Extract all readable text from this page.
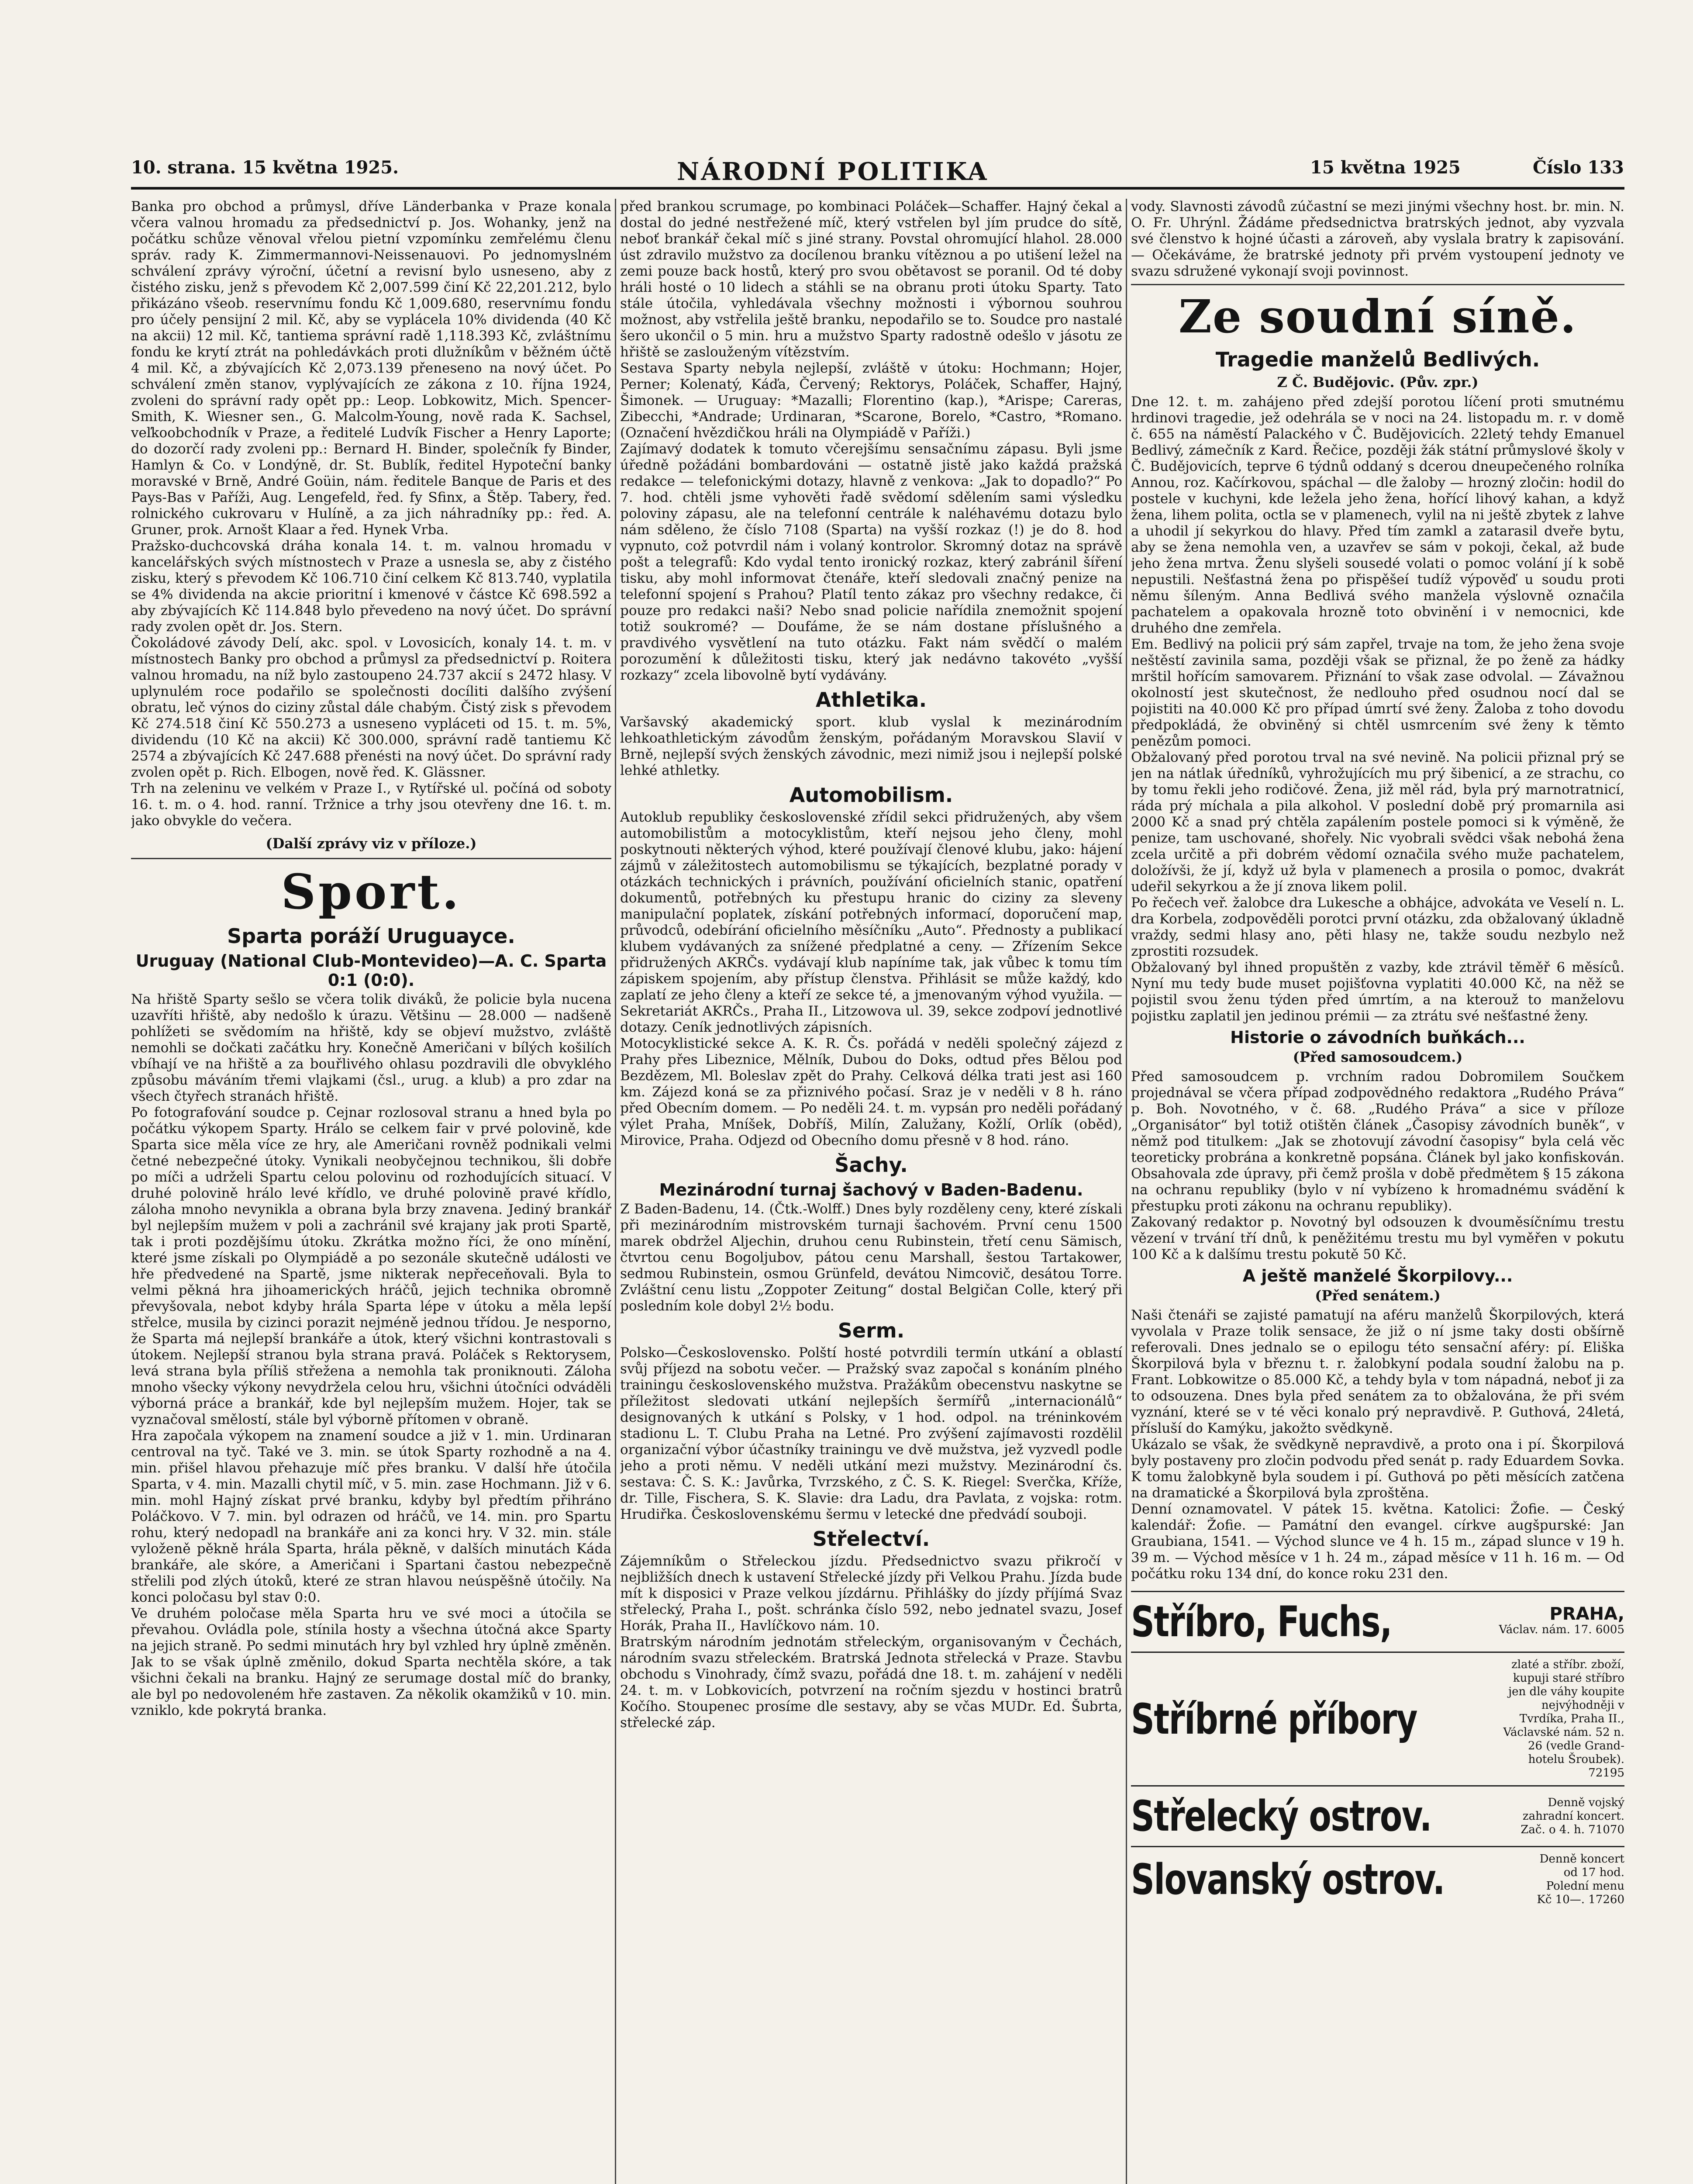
10. strana. 15 května 1925.	NÁRODNÍ POLITIKA	15 května 1925	Číslo 133

Banka pro obchod a průmysl, dříve Länderbanka v Praze konala včera valnou hromadu za předsednictví p. Jos. Wohanky, jenž na počátku schůze věnoval vřelou pietní vzpomínku zemřelému členu správ. rady K. Zimmermannovi-Neissenauovi. Po jednomyslném schválení zprávy výroční, účetní a revisní bylo usneseno, aby z čistého zisku, jenž s převodem Kč 2,007.599 činí Kč 22,201.212, bylo přikázáno všeob. reservnímu fondu Kč 1,009.680, reservnímu fondu pro účely pensijní 2 mil. Kč, aby se vyplácela 10% dividenda (40 Kč na akcii) 12 mil. Kč, tantiema správní radě 1,118.393 Kč, zvláštnímu fondu ke krytí ztrát na pohledávkách proti dlužníkům v běžném účtě 4 mil. Kč, a zbývajících Kč 2,073.139 přeneseno na nový účet. Po schválení změn stanov, vyplývajících ze zákona z 10. října 1924, zvoleni do správní rady opět pp.: Leop. Lobkowitz, Mich. Spencer-Smith, K. Wiesner sen., G. Malcolm-Young, nově rada K. Sachsel, veľkoobchodník v Praze, a ředitelé Ludvík Fischer a Henry Laporte; do dozorčí rady zvoleni pp.: Bernard H. Binder, společník fy Binder, Hamlyn & Co. v Londýně, dr. St. Bublík, ředitel Hypoteční banky moravské v Brně, André Goüin, nám. ředitele Banque de Paris et des Pays-Bas v Paříži, Aug. Lengefeld, řed. fy Sfinx, a Štěp. Tabery, řed. rolnického cukrovaru v Hulíně, a za jich náhradníky pp.: řed. A. Gruner, prok. Arnošt Klaar a řed. Hynek Vrba.

Pražsko-duchcovská dráha konala 14. t. m. valnou hromadu v kancelářských svých místnostech v Praze a usnesla se, aby z čistého zisku, který s převodem Kč 106.710 činí celkem Kč 813.740, vyplatila se 4% dividenda na akcie prioritní i kmenové v částce Kč 698.592 a aby zbývajících Kč 114.848 bylo převedeno na nový účet. Do správní rady zvolen opět dr. Jos. Stern.

Čokoládové závody Delí, akc. spol. v Lovosicích, konaly 14. t. m. v místnostech Banky pro obchod a průmysl za předsednictví p. Roitera valnou hromadu, na níž bylo zastoupeno 24.737 akcií s 2472 hlasy. V uplynulém roce podařilo se společnosti docíliti dalšího zvýšení obratu, leč výnos do ciziny zůstal dále chabým. Čistý zisk s převodem Kč 274.518 činí Kč 550.273 a usneseno vypláceti od 15. t. m. 5%, dividendu (10 Kč na akcii) Kč 300.000, správní radě tantiemu Kč 2574 a zbývajících Kč 247.688 přenésti na nový účet. Do správní rady zvolen opět p. Rich. Elbogen, nově řed. K. Glässner.

Trh na zeleninu ve velkém v Praze I., v Rytířské ul. počíná od soboty 16. t. m. o 4. hod. ranní. Tržnice a trhy jsou otevřeny dne 16. t. m. jako obvykle do večera.

(Další zprávy viz v příloze.)
Sport.
Sparta poráží Uruguayce.
Uruguay (National Club-Montevideo)—A. C. Sparta 0:1 (0:0).

Na hřiště Sparty sešlo se včera tolik diváků, že policie byla nucena uzavříti hřiště, aby nedošlo k úrazu. Většinu — 28.000 — nadšeně pohlížeti se svědomím na hřiště, kdy se objeví mužstvo, zvláště nemohli se dočkati začátku hry. Konečně Američani v bílých košilích vbíhají ve na hřiště a za bouřlivého ohlasu pozdravili dle obvyklého způsobu máváním třemi vlajkami (čsl., urug. a klub) a pro zdar na všech čtyřech stranách hřiště.

Po fotografování soudce p. Cejnar rozlosoval stranu a hned byla po počátku výkopem Sparty. Hrálo se celkem fair v prvé polovině, kde Sparta sice měla více ze hry, ale Američani rovněž podnikali velmi četné nebezpečné útoky. Vynikali neobyčejnou technikou, šli dobře po míči a udrželi Spartu celou polovinu od rozhodujících situací. V druhé polovině hrálo levé křídlo, ve druhé polovině pravé křídlo, záloha mnoho nevynikla a obrana byla brzy znavena. Jediný brankář byl nejlepším mužem v poli a zachránil své krajany jak proti Spartě, tak i proti pozdějšímu útoku. Zkrátka možno říci, že ono mínění, které jsme získali po Olympiádě a po sezonále skutečně události ve hře předvedené na Spartě, jsme nikterak nepřeceňovali. Byla to velmi pěkná hra jihoamerických hráčů, jejich technika obromně převyšovala, nebot kdyby hrála Sparta lépe v útoku a měla lepší střelce, musila by cizinci porazit nejméně jednou třídou. Je nesporno, že Sparta má nejlepší brankáře a útok, který všichni kontrastovali s útokem. Nejlepší stranou byla strana pravá. Poláček s Rektorysem, levá strana byla příliš střežena a nemohla tak proniknouti. Záloha mnoho všecky výkony nevydržela celou hru, všichni útočníci odváděli výborná práce a brankář, kde byl nejlepším mužem. Hojer, tak se vyznačoval smělostí, stále byl výborně přítomen v obraně.

Hra započala výkopem na znamení soudce a již v 1. min. Urdinaran centroval na tyč. Také ve 3. min. se útok Sparty rozhodně a na 4. min. přišel hlavou přehazuje míč přes branku. V další hře útočila Sparta, v 4. min. Mazalli chytil míč, v 5. min. zase Hochmann. Již v 6. min. mohl Hajný získat prvé branku, kdyby byl předtím přihráno Poláčkovo. V 7. min. byl odrazen od hráčů, ve 14. min. pro Spartu rohu, který nedopadl na brankáře ani za konci hry. V 32. min. stále vyloženě pěkně hrála Sparta, hrála pěkně, v dalších minutách Káda brankáře, ale skóre, a Američani i Spartani častou nebezpečně střelili pod zlých útoků, které ze stran hlavou neúspěšně útočily. Na konci poločasu byl stav 0:0.

Ve druhém poločase měla Sparta hru ve své moci a útočila se převahou. Ovládla pole, stínila hosty a všechna útočná akce Sparty na jejich straně. Po sedmi minutách hry byl vzhled hry úplně změněn. Jak to se však úplně změnilo, dokud Sparta nechtěla skóre, a tak všichni čekali na branku. Hajný ze serumage dostal míč do branky, ale byl po nedovoleném hře zastaven. Za několik okamžiků v 10. min. vzniklo, kde pokrytá branka.

před brankou scrumage, po kombinaci Poláček—Schaffer. Hajný čekal a dostal do jedné nestřežené míč, který vstřelen byl jím prudce do sítě, neboť brankář čekal míč s jiné strany. Povstal ohromující hlahol. 28.000 úst zdravilo mužstvo za docílenou branku vítěznou a po utišení ležel na zemi pouze back hostů, který pro svou obětavost se poranil. Od té doby hráli hosté o 10 lidech a stáhli se na obranu proti útoku Sparty. Tato stále útočila, vyhledávala všechny možnosti i výbornou souhrou možnost, aby vstřelila ještě branku, nepodařilo se to. Soudce pro nastalé šero ukončil o 5 min. hru a mužstvo Sparty radostně odešlo v jásotu ze hřiště se zaslouženým vítězstvím.

Sestava Sparty nebyla nejlepší, zvláště v útoku: Hochmann; Hojer, Perner; Kolenatý, Káďa, Červený; Rektorys, Poláček, Schaffer, Hajný, Šimonek. — Uruguay: *Mazalli; Florentino (kap.), *Arispe; Careras, Zibecchi, *Andrade; Urdinaran, *Scarone, Borelo, *Castro, *Romano. (Označení hvězdičkou hráli na Olympiádě v Paříži.)

Zajímavý dodatek k tomuto včerejšímu sensačnímu zápasu. Byli jsme úředně požádáni bombardováni — ostatně jistě jako každá pražská redakce — telefonickými dotazy, hlavně z venkova: „Jak to dopadlo?“ Po 7. hod. chtěli jsme vyhověti řadě svědomí sdělením sami výsledku poloviny zápasu, ale na telefonní centrále k naléhavému dotazu bylo nám sděleno, že číslo 7108 (Sparta) na vyšší rozkaz (!) je do 8. hod vypnuto, což potvrdil nám i volaný kontrolor. Skromný dotaz na správě pošt a telegrafů: Kdo vydal tento ironický rozkaz, který zabránil šíření tisku, aby mohl informovat čtenáře, kteří sledovali značný penize na telefonní spojení s Prahou? Platíl tento zákaz pro všechny redakce, či pouze pro redakci naši? Nebo snad policie nařídila znemožnit spojení totiž soukromé? — Doufáme, že se nám dostane příslušného a pravdivého vysvětlení na tuto otázku. Fakt nám svědčí o malém porozumění k důležitosti tisku, který jak nedávno takovéto „vyšší rozkazy“ zcela libovolně bytí vydávány.

Athletika.

Varšavský akademický sport. klub vyslal k mezinárodním lehkoathletickým závodům ženským, pořádaným Moravskou Slavií v Brně, nejlepší svých ženských závodnic, mezi nimiž jsou i nejlepší polské lehké athletky.

Automobilism.

Autoklub republiky československé zřídil sekci přidružených, aby všem automobilistům a motocyklistům, kteří nejsou jeho členy, mohl poskytnouti některých výhod, které používají členové klubu, jako: hájení zájmů v záležitostech automobilismu se týkajících, bezplatné porady v otázkách technických i právních, používání oficielních stanic, opatření dokumentů, potřebných ku přestupu hranic do ciziny za sleveny manipulační poplatek, získání potřebných informací, doporučení map, průvodců, odebírání oficielního měsíčníku „Auto“. Přednosty a publikací klubem vydávaných za snížené předplatné a ceny. — Zřízením Sekce přidružených AKRČs. vydávají klub napíníme tak, jak vůbec k tomu tím zápiskem spojením, aby přístup členstva. Přihlásit se může každý, kdo zaplatí ze jeho členy a kteří ze sekce té, a jmenovaným výhod využila. — Sekretariát AKRČs., Praha II., Litzowova ul. 39, sekce zodpoví jednotlivé dotazy. Ceník jednotlivých zápisních.

Motocyklistické sekce A. K. R. Čs. pořádá v neděli společný zájezd z Prahy přes Libeznice, Mělník, Dubou do Doks, odtud přes Bělou pod Bezdězem, Ml. Boleslav zpět do Prahy. Celková délka trati jest asi 160 km. Zájezd koná se za přiznivého počasí. Sraz je v neděli v 8 h. ráno před Obecním domem. — Po neděli 24. t. m. vypsán pro neděli pořádaný výlet Praha, Mníšek, Dobříš, Milín, Zalužany, Kožlí, Orlík (oběd), Mirovice, Praha. Odjezd od Obecního domu přesně v 8 hod. ráno.

Šachy.
Mezinárodní turnaj šachový v Baden-Badenu.

Z Baden-Badenu, 14. (Čtk.-Wolff.) Dnes byly rozděleny ceny, které získali při mezinárodním mistrovském turnaji šachovém. První cenu 1500 marek obdržel Aljechin, druhou cenu Rubinstein, třetí cenu Sämisch, čtvrtou cenu Bogoljubov, pátou cenu Marshall, šestou Tartakower, sedmou Rubinstein, osmou Grünfeld, devátou Nimcovič, desátou Torre. Zvláštní cenu listu „Zoppoter Zeitung“ dostal Belgičan Colle, který při posledním kole dobyl 2½ bodu.

Serm.

Polsko—Československo. Polští hosté potvrdili termín utkání a oblastí svůj příjezd na sobotu večer. — Pražský svaz započal s konáním plného trainingu československého mužstva. Pražákům obecenstvu naskytne se příležitost sledovati utkání nejlepších šermířů „internacionálů“ designovaných k utkání s Polsky, v 1 hod. odpol. na tréninkovém stadionu L. T. Clubu Praha na Letné. Pro zvýšení zajímavosti rozdělil organizační výbor účastníky trainingu ve dvě mužstva, jež vyzvedl podle jeho a proti němu. V neděli utkání mezi mužstvy. Mezinárodní čs. sestava: Č. S. K.: Javůrka, Tvrzského, z Č. S. K. Riegel: Sverčka, Kříže, dr. Tille, Fischera, S. K. Slavie: dra Ladu, dra Pavlata, z vojska: rotm. Hrudiřka. Československému šermu v letecké dne předvádí souboji.

Střelectví.

Zájemníkům o Střeleckou jízdu. Předsednictvo svazu přikročí v nejbližších dnech k ustavení Střelecké jízdy při Velkou Prahu. Jízda bude mít k disposici v Praze velkou jízdárnu. Přihlášky do jízdy příjímá Svaz střelecký, Praha I., pošt. schránka číslo 592, nebo jednatel svazu, Josef Horák, Praha II., Havlíčkovo nám. 10.

Bratrským národním jednotám střeleckým, organisovaným v Čechách, národním svazu střeleckém. Bratrská Jednota střelecká v Praze. Stavbu obchodu s Vinohrady, čímž svazu, pořádá dne 18. t. m. zahájení v neděli 24. t. m. v Lobkovicích, potvrzení na ročním sjezdu v hostinci bratrů Kočího. Stoupenec prosíme dle sestavy, aby se včas MUDr. Ed. Šubrta, střelecké záp.

vody. Slavnosti závodů zúčastní se mezi jinými všechny host. br. min. N. O. Fr. Uhrýnl. Žádáme předsednictva bratrských jednot, aby vyzvala své členstvo k hojné účasti a zároveň, aby vyslala bratry k zapisování. — Očekáváme, že bratrské jednoty při prvém vystoupení jednoty ve svazu sdružené vykonají svoji povinnost.

Ze soudní síně.
Tragedie manželů Bedlivých.
Z Č. Budějovic. (Pův. zpr.)

Dne 12. t. m. zahájeno před zdejší porotou líčení proti smutnému hrdinovi tragedie, jež odehrála se v noci na 24. listopadu m. r. v domě č. 655 na náměstí Palackého v Č. Budějovicích. 22letý tehdy Emanuel Bedlivý, zámečník z Kard. Řečice, později žák státní průmyslové školy v Č. Budějovicích, teprve 6 týdnů oddaný s dcerou dneupečeného rolníka Annou, roz. Kačírkovou, spáchal — dle žaloby — hrozný zločin: hodil do postele v kuchyni, kde ležela jeho žena, hořící lihový kahan, a když žena, lihem polita, octla se v plamenech, vylil na ni ještě zbytek z lahve a uhodil jí sekyrkou do hlavy. Před tím zamkl a zatarasil dveře bytu, aby se žena nemohla ven, a uzavřev se sám v pokoji, čekal, až bude jeho žena mrtva. Ženu slyšeli sousedé volati o pomoc volání jí k sobě nepustili. Nešťastná žena po přispěšeí tudíž výpověď u soudu proti němu šíleným. Anna Bedlivá svého manžela výslovně označila pachatelem a opakovala hrozně toto obvinění i v nemocnici, kde druhého dne zemřela.

Em. Bedlivý na policii prý sám zapřel, trvaje na tom, že jeho žena svoje neštěstí zavinila sama, později však se přiznal, že po ženě za hádky mrštil hořícím samovarem. Přiznání to však zase odvolal. — Závažnou okolností jest skutečnost, že nedlouho před osudnou nocí dal se pojistiti na 40.000 Kč pro případ úmrtí své ženy. Žaloba z toho dovodu předpokládá, že obviněný si chtěl usmrcením své ženy k těmto penězům pomoci.

Obžalovaný před porotou trval na své nevině. Na policii přiznal prý se jen na nátlak úředníků, vyhrožujících mu prý šibenicí, a ze strachu, co by tomu řekli jeho rodičové. Žena, již měl rád, byla prý marnotratnicí, ráda prý míchala a pila alkohol. V poslední době prý promarnila asi 2000 Kč a snad prý chtěla zapálením postele pomoci si k výměně, že penize, tam uschované, shořely. Nic vyobrali svědci však nebohá žena zcela určitě a při dobrém vědomí označila svého muže pachatelem, doložívši, že jí, když už byla v plamenech a prosila o pomoc, dvakrát udeřil sekyrkou a že jí znova likem polil.

Po řečech veř. žalobce dra Lukesche a obhájce, advokáta ve Veselí n. L. dra Korbela, zodpověděli porotci první otázku, zda obžalovaný úkladně vraždy, sedmi hlasy ano, pěti hlasy ne, takže soudu nezbylo než zprostiti rozsudek.

Obžalovaný byl ihned propuštěn z vazby, kde ztrávil těměř 6 měsíců. Nyní mu tedy bude muset pojišťovna vyplatiti 40.000 Kč, na něž se pojistil svou ženu týden před úmrtím, a na kterouž to manželovu pojistku zaplatil jen jedinou prémii — za ztrátu své nešťastné ženy.

Historie o závodních buňkách...
(Před samosoudcem.)

Před samosoudcem p. vrchním radou Dobromilem Součkem projednával se včera případ zodpovědného redaktora „Rudého Práva“ p. Boh. Novotného, v č. 68. „Rudého Práva“ a sice v příloze „Organisátor“ byl totiž otištěn článek „Časopisy závodních buněk“, v němž pod titulkem: „Jak se zhotovují závodní časopisy“ byla celá věc teoreticky probrána a konkretně popsána. Článek byl jako konfiskován. Obsahovala zde úpravy, při čemž prošla v době předmětem § 15 zákona na ochranu republiky (bylo v ní vybízeno k hromadnému svádění k přestupku proti zákonu na ochranu republiky).

Zakovaný redaktor p. Novotný byl odsouzen k dvouměsíčnímu trestu vězení v trvání tří dnů, k peněžitému trestu mu byl vyměřen v pokutu 100 Kč a k dalšímu trestu pokutě 50 Kč.

A ještě manželé Škorpilovy...
(Před senátem.)

Naši čtenáři se zajisté pamatují na aféru manželů Škorpilových, která vyvolala v Praze tolik sensace, že již o ní jsme taky dosti obšírně referovali. Dnes jednalo se o epilogu této sensační aféry: pí. Eliška Škorpilová byla v březnu t. r. žalobkyní podala soudní žalobu na p. Frant. Lobkowitze o 85.000 Kč, a tehdy byla v tom nápadná, neboť ji za to odsouzena. Dnes byla před senátem za to obžalována, že při svém vyznání, které se v té věci konalo prý nepravdivě. P. Guthová, 24letá, přísluší do Kamýku, jakožto svědkyně.

Ukázalo se však, že svědkyně nepravdivě, a proto ona i pí. Škorpilová byly postaveny pro zločin podvodu před senát p. rady Eduardem Sovka. K tomu žalobkyně byla soudem i pí. Guthová po pěti měsících zatčena na dramatické a Škorpilová byla zproštěna.

Denní oznamovatel. V pátek 15. května. Katolici: Žofie. — Český kalendář: Žofie. — Památní den evangel. církve augšpurské: Jan Graubiana, 1541. — Východ slunce ve 4 h. 15 m., západ slunce v 19 h. 39 m. — Východ měsíce v 1 h. 24 m., západ měsíce v 11 h. 16 m. — Od počátku roku 134 dní, do konce roku 231 den.

Stříbro, Fuchs,	PRAHA,
Václav. nám. 17. 6005
Stříbrné příbory
zlaté a stříbr. zboží, kupuji staré stříbro jen dle váhy koupite nejvýhodněji v Tvrdíka, Praha II., Václavské nám. 52 n. 26 (vedle Grand-hotelu Šroubek). 72195
Střelecký ostrov.	Denně vojský zahradní koncert. Zač. o 4. h. 71070
Slovanský ostrov.	Denně koncert od 17 hod. Polední menu Kč 10—. 17260
